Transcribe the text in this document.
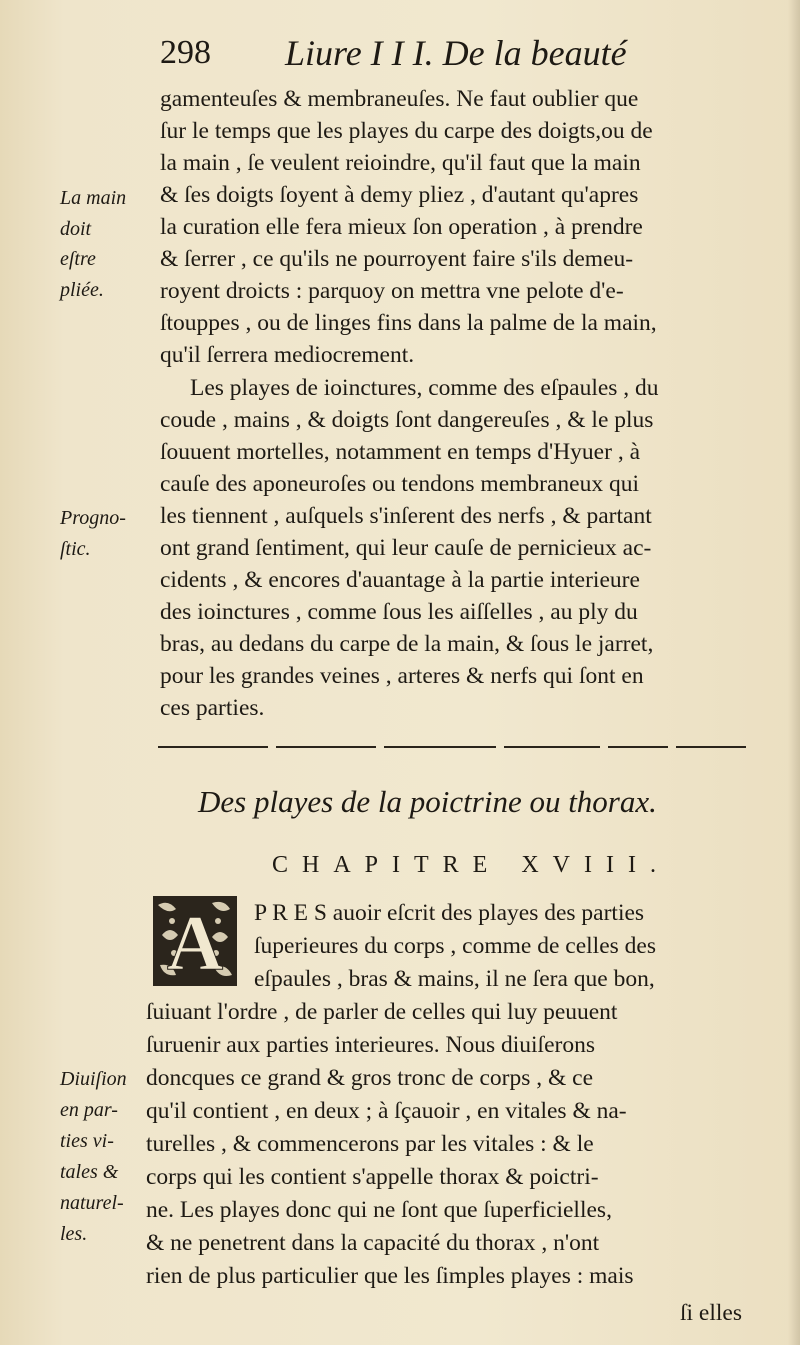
298 Liure I I I. De la beauté
gamenteuſes & membraneuſes. Ne faut oublier que
ſur le temps que les playes du carpe des doigts,ou de
la main , ſe veulent reioindre, qu'il faut que la main
& ſes doigts ſoyent à demy pliez , d'autant qu'apres
la curation elle fera mieux ſon operation , à prendre
& ſerrer , ce qu'ils ne pourroyent faire s'ils demeu-
royent droicts : parquoy on mettra vne pelote d'e-
ſtouppes , ou de linges fins dans la palme de la main,
qu'il ſerrera mediocrement.
Les playes de ioinctures, comme des eſpaules , du
coude , mains , & doigts ſont dangereuſes , & le plus
ſouuent mortelles, notamment en temps d'Hyuer , à
cauſe des aponeuroſes ou tendons membraneux qui
les tiennent , auſquels s'inſerent des nerfs , & partant
ont grand ſentiment, qui leur cauſe de pernicieux ac-
cidents , & encores d'auantage à la partie interieure
des ioinctures , comme ſous les aiſſelles , au ply du
bras, au dedans du carpe de la main, & ſous le jarret,
pour les grandes veines , arteres & nerfs qui ſont en
ces parties.
La main
doit
eſtre
pliée.
Progno-
ſtic.
Diuiſion
en par-
ties vi-
tales &
naturel-
les.
Des playes de la poictrine ou thorax.
CHAPITRE XVIII.
A P R E S auoir eſcrit des playes des parties
ſuperieures du corps , comme de celles des
eſpaules , bras & mains, il ne ſera que bon,
ſuiuant l'ordre , de parler de celles qui luy peuuent
ſuruenir aux parties interieures. Nous diuiſerons
doncques ce grand & gros tronc de corps , & ce
qu'il contient , en deux ; à ſçauoir , en vitales & na-
turelles , & commencerons par les vitales : & le
corps qui les contient s'appelle thorax & poictri-
ne. Les playes donc qui ne ſont que ſuperficielles,
& ne penetrent dans la capacité du thorax , n'ont
rien de plus particulier que les ſimples playes : mais
ſi elles
